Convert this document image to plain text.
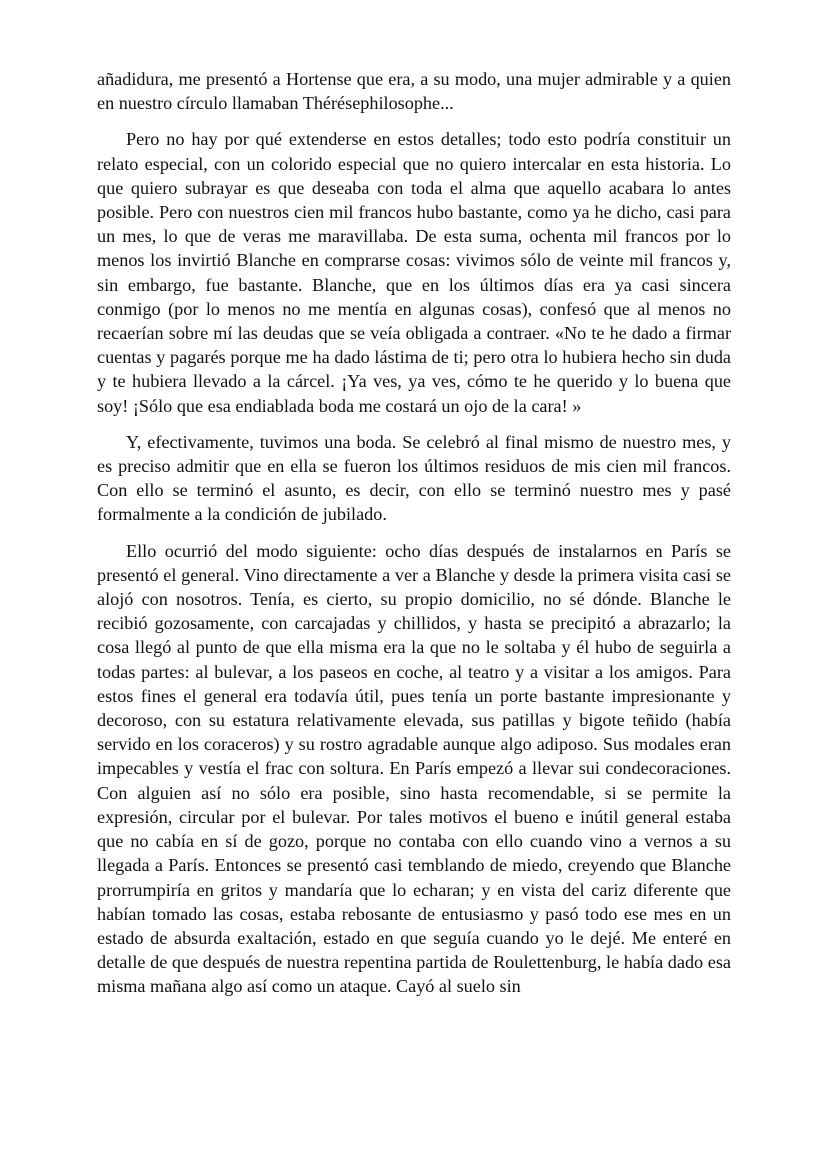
añadidura, me presentó a Hortense que era, a su modo, una mujer admirable y a quien en nuestro círculo llamaban Thérésephilosophe...

Pero no hay por qué extenderse en estos detalles; todo esto podría constituir un relato especial, con un colorido especial que no quiero intercalar en esta historia. Lo que quiero subrayar es que deseaba con toda el alma que aquello acabara lo antes posible. Pero con nuestros cien mil francos hubo bastante, como ya he dicho, casi para un mes, lo que de veras me maravillaba. De esta suma, ochenta mil francos por lo menos los invirtió Blanche en comprarse cosas: vivimos sólo de veinte mil francos y, sin embargo, fue bastante. Blanche, que en los últimos días era ya casi sincera conmigo (por lo menos no me mentía en algunas cosas), confesó que al menos no recaerían sobre mí las deudas que se veía obligada a contraer. «No te he dado a firmar cuentas y pagarés porque me ha dado lástima de ti; pero otra lo hubiera hecho sin duda y te hubiera llevado a la cárcel. ¡Ya ves, ya ves, cómo te he querido y lo buena que soy! ¡Sólo que esa endiablada boda me costará un ojo de la cara! »

Y, efectivamente, tuvimos una boda. Se celebró al final mismo de nuestro mes, y es preciso admitir que en ella se fueron los últimos residuos de mis cien mil francos. Con ello se terminó el asunto, es decir, con ello se terminó nuestro mes y pasé formalmente a la condición de jubilado.

Ello ocurrió del modo siguiente: ocho días después de instalarnos en París se presentó el general. Vino directamente a ver a Blanche y desde la primera visita casi se alojó con nosotros. Tenía, es cierto, su propio domicilio, no sé dónde. Blanche le recibió gozosamente, con carcajadas y chillidos, y hasta se precipitó a abrazarlo; la cosa llegó al punto de que ella misma era la que no le soltaba y él hubo de seguirla a todas partes: al bulevar, a los paseos en coche, al teatro y a visitar a los amigos. Para estos fines el general era todavía útil, pues tenía un porte bastante impresionante y decoroso, con su estatura relativamente elevada, sus patillas y bigote teñido (había servido en los coraceros) y su rostro agradable aunque algo adiposo. Sus modales eran impecables y vestía el frac con soltura. En París empezó a llevar sui condecoraciones. Con alguien así no sólo era posible, sino hasta recomendable, si se permite la expresión, circular por el bulevar. Por tales motivos el bueno e inútil general estaba que no cabía en sí de gozo, porque no contaba con ello cuando vino a vernos a su llegada a París. Entonces se presentó casi temblando de miedo, creyendo que Blanche prorrumpiría en gritos y mandaría que lo echaran; y en vista del cariz diferente que habían tomado las cosas, estaba rebosante de entusiasmo y pasó todo ese mes en un estado de absurda exaltación, estado en que seguía cuando yo le dejé. Me enteré en detalle de que después de nuestra repentina partida de Roulettenburg, le había dado esa misma mañana algo así como un ataque. Cayó al suelo sin
